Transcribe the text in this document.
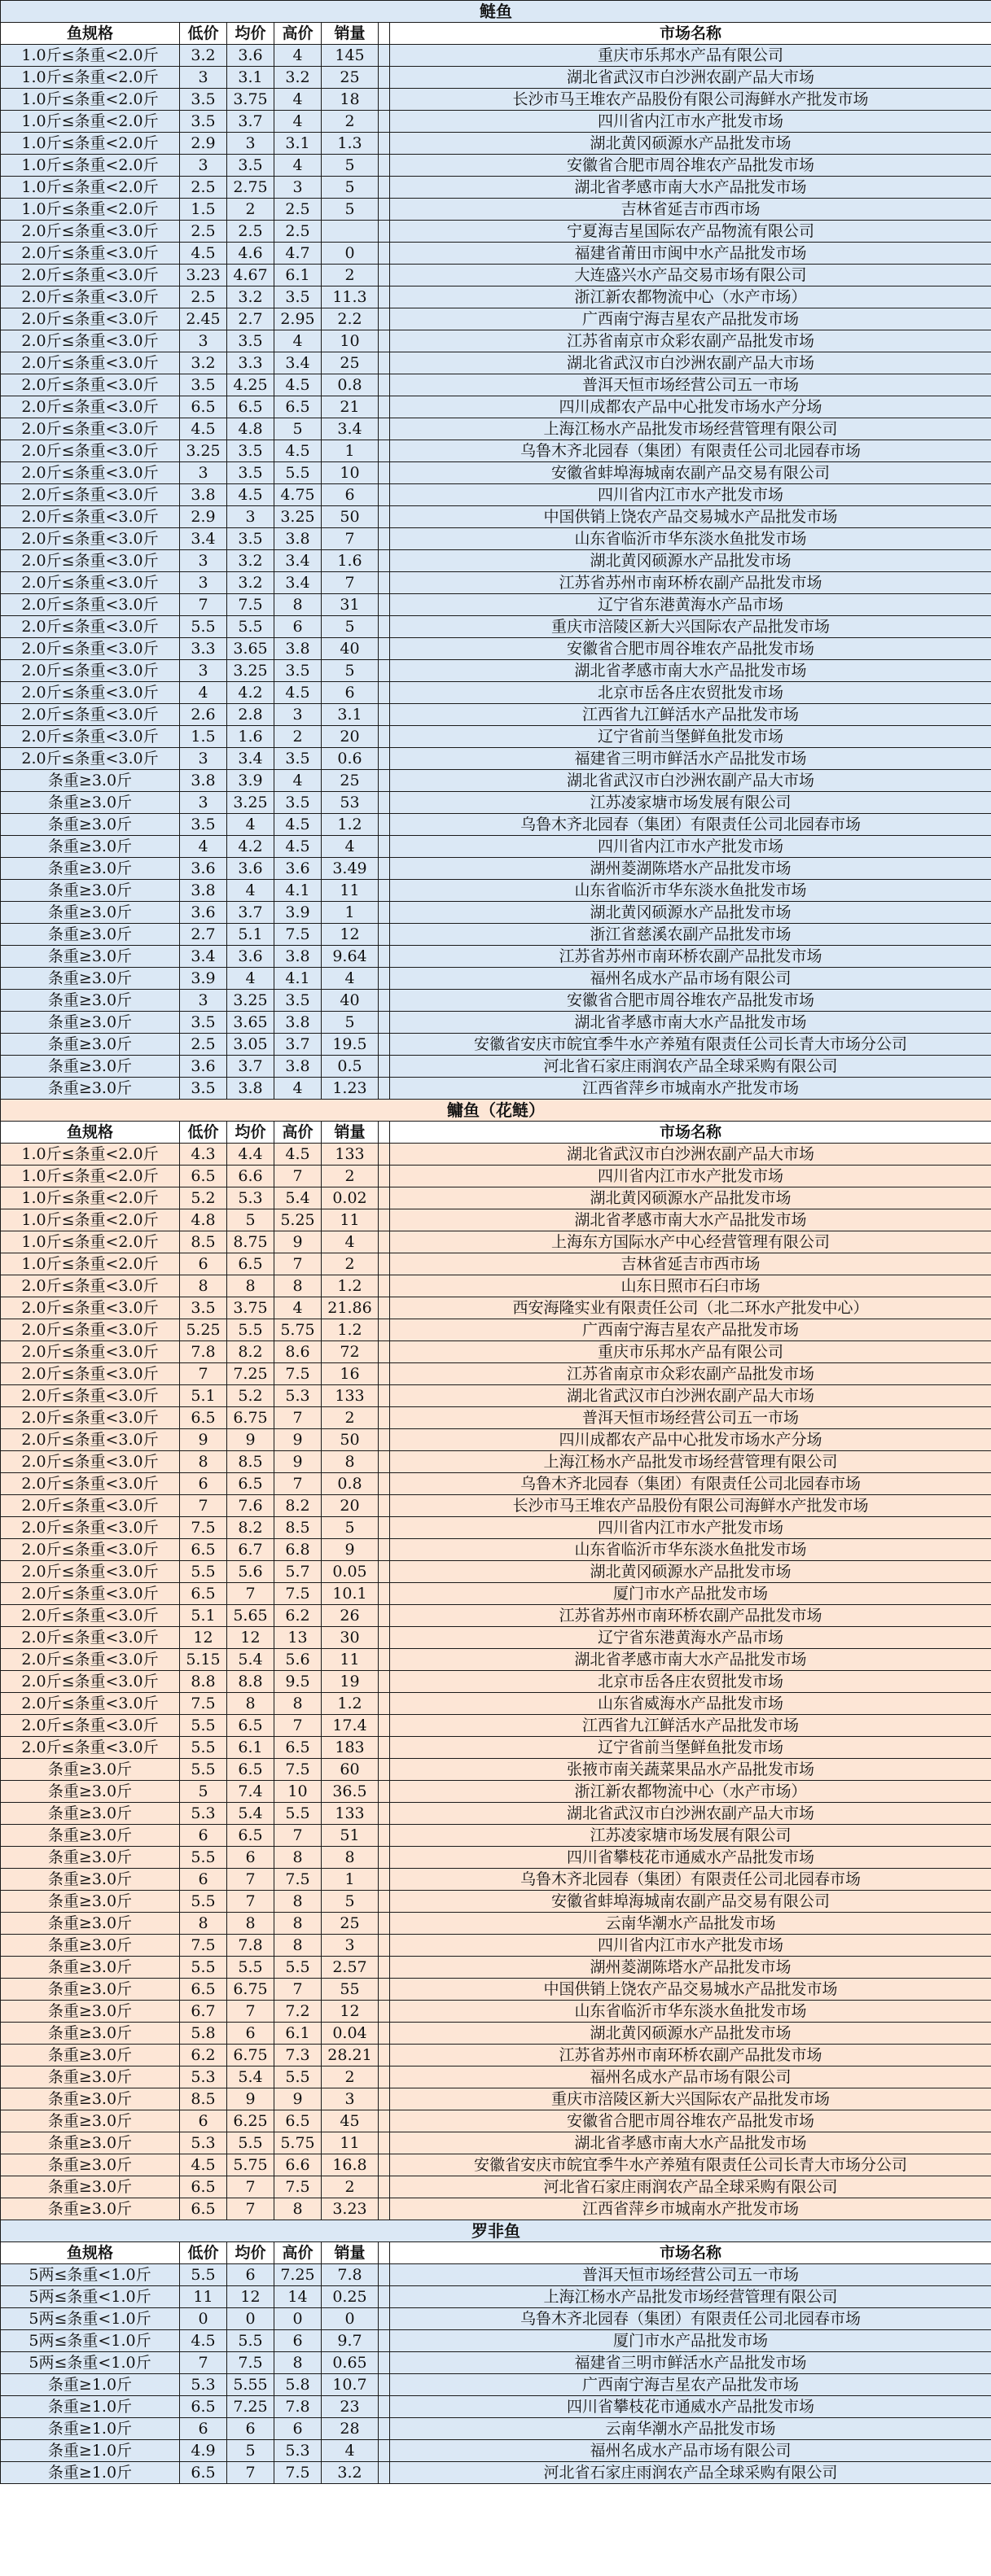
鲢鱼						
鱼规格	低价	均价	高价	销量		市场名称
1.0斤≤条重<2.0斤	3.2	3.6	4	145		重庆市乐邦水产品有限公司
1.0斤≤条重<2.0斤	3	3.1	3.2	25		湖北省武汉市白沙洲农副产品大市场
1.0斤≤条重<2.0斤	3.5	3.75	4	18		长沙市马王堆农产品股份有限公司海鲜水产批发市场
1.0斤≤条重<2.0斤	3.5	3.7	4	2		四川省内江市水产批发市场
1.0斤≤条重<2.0斤	2.9	3	3.1	1.3		湖北黄冈硕源水产品批发市场
1.0斤≤条重<2.0斤	3	3.5	4	5		安徽省合肥市周谷堆农产品批发市场
1.0斤≤条重<2.0斤	2.5	2.75	3	5		湖北省孝感市南大水产品批发市场
1.0斤≤条重<2.0斤	1.5	2	2.5	5		吉林省延吉市西市场
2.0斤≤条重<3.0斤	2.5	2.5	2.5			宁夏海吉星国际农产品物流有限公司
2.0斤≤条重<3.0斤	4.5	4.6	4.7	0		福建省莆田市闽中水产品批发市场
2.0斤≤条重<3.0斤	3.23	4.67	6.1	2		大连盛兴水产品交易市场有限公司
2.0斤≤条重<3.0斤	2.5	3.2	3.5	11.3		浙江新农都物流中心（水产市场）
2.0斤≤条重<3.0斤	2.45	2.7	2.95	2.2		广西南宁海吉星农产品批发市场
2.0斤≤条重<3.0斤	3	3.5	4	10		江苏省南京市众彩农副产品批发市场
2.0斤≤条重<3.0斤	3.2	3.3	3.4	25		湖北省武汉市白沙洲农副产品大市场
2.0斤≤条重<3.0斤	3.5	4.25	4.5	0.8		普洱天恒市场经营公司五一市场
2.0斤≤条重<3.0斤	6.5	6.5	6.5	21		四川成都农产品中心批发市场水产分场
2.0斤≤条重<3.0斤	4.5	4.8	5	3.4		上海江杨水产品批发市场经营管理有限公司
2.0斤≤条重<3.0斤	3.25	3.5	4.5	1		乌鲁木齐北园春（集团）有限责任公司北园春市场
2.0斤≤条重<3.0斤	3	3.5	5.5	10		安徽省蚌埠海城南农副产品交易有限公司
2.0斤≤条重<3.0斤	3.8	4.5	4.75	6		四川省内江市水产批发市场
2.0斤≤条重<3.0斤	2.9	3	3.25	50		中国供销上饶农产品交易城水产品批发市场
2.0斤≤条重<3.0斤	3.4	3.5	3.8	7		山东省临沂市华东淡水鱼批发市场
2.0斤≤条重<3.0斤	3	3.2	3.4	1.6		湖北黄冈硕源水产品批发市场
2.0斤≤条重<3.0斤	3	3.2	3.4	7		江苏省苏州市南环桥农副产品批发市场
2.0斤≤条重<3.0斤	7	7.5	8	31		辽宁省东港黄海水产品市场
2.0斤≤条重<3.0斤	5.5	5.5	6	5		重庆市涪陵区新大兴国际农产品批发市场
2.0斤≤条重<3.0斤	3.3	3.65	3.8	40		安徽省合肥市周谷堆农产品批发市场
2.0斤≤条重<3.0斤	3	3.25	3.5	5		湖北省孝感市南大水产品批发市场
2.0斤≤条重<3.0斤	4	4.2	4.5	6		北京市岳各庄农贸批发市场
2.0斤≤条重<3.0斤	2.6	2.8	3	3.1		江西省九江鲜活水产品批发市场
2.0斤≤条重<3.0斤	1.5	1.6	2	20		辽宁省前当堡鲜鱼批发市场
2.0斤≤条重<3.0斤	3	3.4	3.5	0.6		福建省三明市鲜活水产品批发市场
条重≥3.0斤	3.8	3.9	4	25		湖北省武汉市白沙洲农副产品大市场
条重≥3.0斤	3	3.25	3.5	53		江苏凌家塘市场发展有限公司
条重≥3.0斤	3.5	4	4.5	1.2		乌鲁木齐北园春（集团）有限责任公司北园春市场
条重≥3.0斤	4	4.2	4.5	4		四川省内江市水产批发市场
条重≥3.0斤	3.6	3.6	3.6	3.49		湖州菱湖陈塔水产品批发市场
条重≥3.0斤	3.8	4	4.1	11		山东省临沂市华东淡水鱼批发市场
条重≥3.0斤	3.6	3.7	3.9	1		湖北黄冈硕源水产品批发市场
条重≥3.0斤	2.7	5.1	7.5	12		浙江省慈溪农副产品批发市场
条重≥3.0斤	3.4	3.6	3.8	9.64		江苏省苏州市南环桥农副产品批发市场
条重≥3.0斤	3.9	4	4.1	4		福州名成水产品市场有限公司
条重≥3.0斤	3	3.25	3.5	40		安徽省合肥市周谷堆农产品批发市场
条重≥3.0斤	3.5	3.65	3.8	5		湖北省孝感市南大水产品批发市场
条重≥3.0斤	2.5	3.05	3.7	19.5		安徽省安庆市皖宜季牛水产养殖有限责任公司长青大市场分公司
条重≥3.0斤	3.6	3.7	3.8	0.5		河北省石家庄雨润农产品全球采购有限公司
条重≥3.0斤	3.5	3.8	4	1.23		江西省萍乡市城南水产批发市场
鳙鱼（花鲢）						
鱼规格	低价	均价	高价	销量		市场名称
1.0斤≤条重<2.0斤	4.3	4.4	4.5	133		湖北省武汉市白沙洲农副产品大市场
1.0斤≤条重<2.0斤	6.5	6.6	7	2		四川省内江市水产批发市场
1.0斤≤条重<2.0斤	5.2	5.3	5.4	0.02		湖北黄冈硕源水产品批发市场
1.0斤≤条重<2.0斤	4.8	5	5.25	11		湖北省孝感市南大水产品批发市场
1.0斤≤条重<2.0斤	8.5	8.75	9	4		上海东方国际水产中心经营管理有限公司
1.0斤≤条重<2.0斤	6	6.5	7	2		吉林省延吉市西市场
2.0斤≤条重<3.0斤	8	8	8	1.2		山东日照市石臼市场
2.0斤≤条重<3.0斤	3.5	3.75	4	21.86		西安海隆实业有限责任公司（北二环水产批发中心）
2.0斤≤条重<3.0斤	5.25	5.5	5.75	1.2		广西南宁海吉星农产品批发市场
2.0斤≤条重<3.0斤	7.8	8.2	8.6	72		重庆市乐邦水产品有限公司
2.0斤≤条重<3.0斤	7	7.25	7.5	16		江苏省南京市众彩农副产品批发市场
2.0斤≤条重<3.0斤	5.1	5.2	5.3	133		湖北省武汉市白沙洲农副产品大市场
2.0斤≤条重<3.0斤	6.5	6.75	7	2		普洱天恒市场经营公司五一市场
2.0斤≤条重<3.0斤	9	9	9	50		四川成都农产品中心批发市场水产分场
2.0斤≤条重<3.0斤	8	8.5	9	8		上海江杨水产品批发市场经营管理有限公司
2.0斤≤条重<3.0斤	6	6.5	7	0.8		乌鲁木齐北园春（集团）有限责任公司北园春市场
2.0斤≤条重<3.0斤	7	7.6	8.2	20		长沙市马王堆农产品股份有限公司海鲜水产批发市场
2.0斤≤条重<3.0斤	7.5	8.2	8.5	5		四川省内江市水产批发市场
2.0斤≤条重<3.0斤	6.5	6.7	6.8	9		山东省临沂市华东淡水鱼批发市场
2.0斤≤条重<3.0斤	5.5	5.6	5.7	0.05		湖北黄冈硕源水产品批发市场
2.0斤≤条重<3.0斤	6.5	7	7.5	10.1		厦门市水产品批发市场
2.0斤≤条重<3.0斤	5.1	5.65	6.2	26		江苏省苏州市南环桥农副产品批发市场
2.0斤≤条重<3.0斤	12	12	13	30		辽宁省东港黄海水产品市场
2.0斤≤条重<3.0斤	5.15	5.4	5.6	11		湖北省孝感市南大水产品批发市场
2.0斤≤条重<3.0斤	8.8	8.8	9.5	19		北京市岳各庄农贸批发市场
2.0斤≤条重<3.0斤	7.5	8	8	1.2		山东省威海水产品批发市场
2.0斤≤条重<3.0斤	5.5	6.5	7	17.4		江西省九江鲜活水产品批发市场
2.0斤≤条重<3.0斤	5.5	6.1	6.5	183		辽宁省前当堡鲜鱼批发市场
条重≥3.0斤	5.5	6.5	7.5	60		张掖市南关蔬菜果品水产品批发市场
条重≥3.0斤	5	7.4	10	36.5		浙江新农都物流中心（水产市场）
条重≥3.0斤	5.3	5.4	5.5	133		湖北省武汉市白沙洲农副产品大市场
条重≥3.0斤	6	6.5	7	51		江苏凌家塘市场发展有限公司
条重≥3.0斤	5.5	6	8	8		四川省攀枝花市通威水产品批发市场
条重≥3.0斤	6	7	7.5	1		乌鲁木齐北园春（集团）有限责任公司北园春市场
条重≥3.0斤	5.5	7	8	5		安徽省蚌埠海城南农副产品交易有限公司
条重≥3.0斤	8	8	8	25		云南华潮水产品批发市场
条重≥3.0斤	7.5	7.8	8	3		四川省内江市水产批发市场
条重≥3.0斤	5.5	5.5	5.5	2.57		湖州菱湖陈塔水产品批发市场
条重≥3.0斤	6.5	6.75	7	55		中国供销上饶农产品交易城水产品批发市场
条重≥3.0斤	6.7	7	7.2	12		山东省临沂市华东淡水鱼批发市场
条重≥3.0斤	5.8	6	6.1	0.04		湖北黄冈硕源水产品批发市场
条重≥3.0斤	6.2	6.75	7.3	28.21		江苏省苏州市南环桥农副产品批发市场
条重≥3.0斤	5.3	5.4	5.5	2		福州名成水产品市场有限公司
条重≥3.0斤	8.5	9	9	3		重庆市涪陵区新大兴国际农产品批发市场
条重≥3.0斤	6	6.25	6.5	45		安徽省合肥市周谷堆农产品批发市场
条重≥3.0斤	5.3	5.5	5.75	11		湖北省孝感市南大水产品批发市场
条重≥3.0斤	4.5	5.75	6.6	16.8		安徽省安庆市皖宜季牛水产养殖有限责任公司长青大市场分公司
条重≥3.0斤	6.5	7	7.5	2		河北省石家庄雨润农产品全球采购有限公司
条重≥3.0斤	6.5	7	8	3.23		江西省萍乡市城南水产批发市场
罗非鱼						
鱼规格	低价	均价	高价	销量		市场名称
5两≤条重<1.0斤	5.5	6	7.25	7.8		普洱天恒市场经营公司五一市场
5两≤条重<1.0斤	11	12	14	0.25		上海江杨水产品批发市场经营管理有限公司
5两≤条重<1.0斤	0	0	0	0		乌鲁木齐北园春（集团）有限责任公司北园春市场
5两≤条重<1.0斤	4.5	5.5	6	9.7		厦门市水产品批发市场
5两≤条重<1.0斤	7	7.5	8	0.65		福建省三明市鲜活水产品批发市场
条重≥1.0斤	5.3	5.55	5.8	10.7		广西南宁海吉星农产品批发市场
条重≥1.0斤	6.5	7.25	7.8	23		四川省攀枝花市通威水产品批发市场
条重≥1.0斤	6	6	6	28		云南华潮水产品批发市场
条重≥1.0斤	4.9	5	5.3	4		福州名成水产品市场有限公司
条重≥1.0斤	6.5	7	7.5	3.2		河北省石家庄雨润农产品全球采购有限公司
